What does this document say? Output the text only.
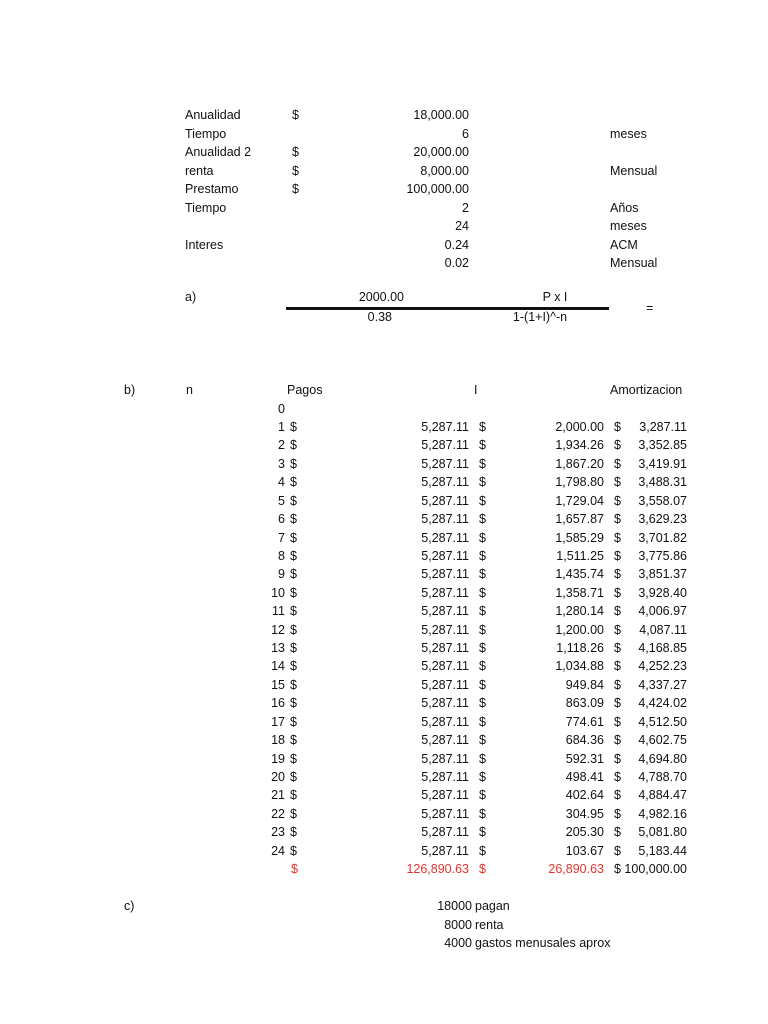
Anualidad	$	18,000.00
Tiempo	6	meses
Anualidad 2	$	20,000.00
renta	$	8,000.00	Mensual
Prestamo	$	100,000.00
Tiempo	2	Años
24	meses
Interes	0.24	ACM
0.02	Mensual
a)	2000.00	P x I
0.38	1-(1+I)^-n
=
b)	n	Pagos	I	Amortizacion
0
1 $	5,287.11 $	2,000.00 $	3,287.11
2 $	5,287.11 $	1,934.26 $	3,352.85
3 $	5,287.11 $	1,867.20 $	3,419.91
4 $	5,287.11 $	1,798.80 $	3,488.31
5 $	5,287.11 $	1,729.04 $	3,558.07
6 $	5,287.11 $	1,657.87 $	3,629.23
7 $	5,287.11 $	1,585.29 $	3,701.82
8 $	5,287.11 $	1,511.25 $	3,775.86
9 $	5,287.11 $	1,435.74 $	3,851.37
10 $	5,287.11 $	1,358.71 $	3,928.40
11 $	5,287.11 $	1,280.14 $	4,006.97
12 $	5,287.11 $	1,200.00 $	4,087.11
13 $	5,287.11 $	1,118.26 $	4,168.85
14 $	5,287.11 $	1,034.88 $	4,252.23
15 $	5,287.11 $	949.84 $	4,337.27
16 $	5,287.11 $	863.09 $	4,424.02
17 $	5,287.11 $	774.61 $	4,512.50
18 $	5,287.11 $	684.36 $	4,602.75
19 $	5,287.11 $	592.31 $	4,694.80
20 $	5,287.11 $	498.41 $	4,788.70
21 $	5,287.11 $	402.64 $	4,884.47
22 $	5,287.11 $	304.95 $	4,982.16
23 $	5,287.11 $	205.30 $	5,081.80
24 $	5,287.11 $	103.67 $	5,183.44
$	126,890.63 $	26,890.63 $ 100,000.00
c)	18000 pagan
8000 renta
4000 gastos menusales aprox
